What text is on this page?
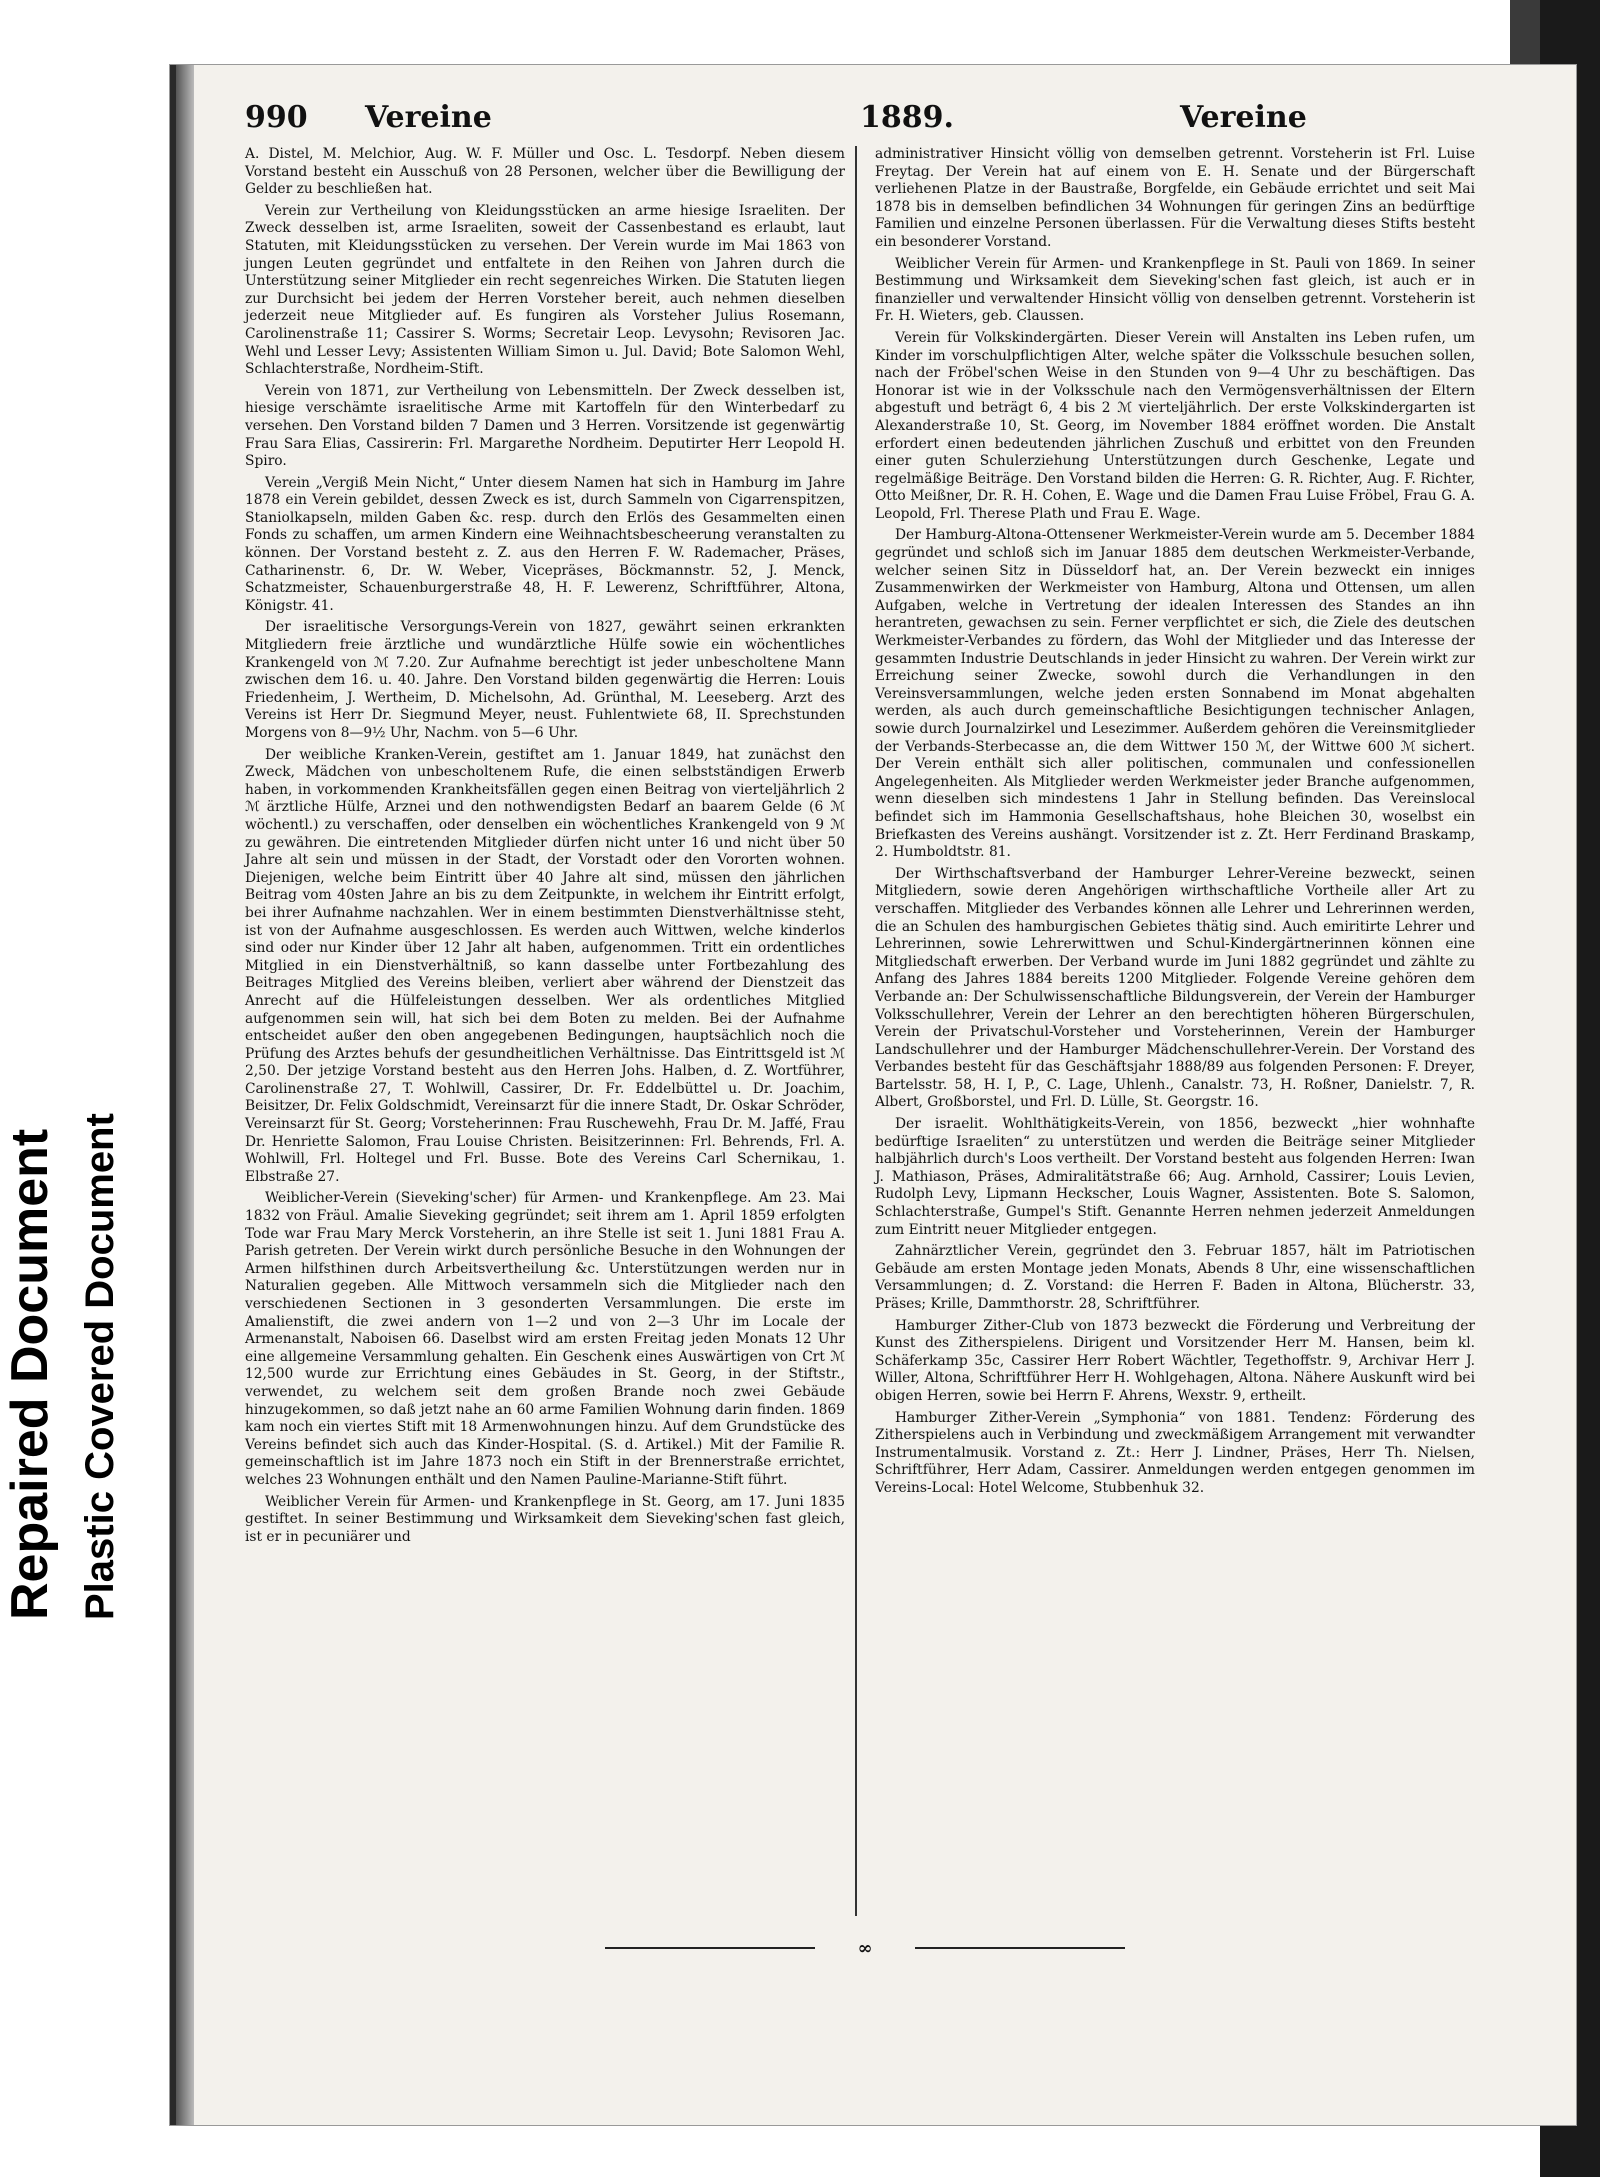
Repaired Document Plastic Covered Document
990 Vereine	1889.	Vereine

A. Distel, M. Melchior, Aug. W. F. Müller und Osc. L. Tesdorpf. Neben diesem Vorstand besteht ein Ausschuß von 28 Personen, welcher über die Bewilligung der Gelder zu beschließen hat.

Verein zur Vertheilung von Kleidungsstücken an arme hiesige Israeliten. Der Zweck desselben ist, arme Israeliten, soweit der Cassenbestand es erlaubt, laut Statuten, mit Kleidungsstücken zu versehen. Der Verein wurde im Mai 1863 von jungen Leuten gegründet und entfaltete in den Reihen von Jahren durch die Unterstützung seiner Mitglieder ein recht segenreiches Wirken. Die Statuten liegen zur Durchsicht bei jedem der Herren Vorsteher bereit, auch nehmen dieselben jederzeit neue Mitglieder auf. Es fungiren als Vorsteher Julius Rosemann, Carolinenstraße 11; Cassirer S. Worms; Secretair Leop. Levysohn; Revisoren Jac. Wehl und Lesser Levy; Assistenten William Simon u. Jul. David; Bote Salomon Wehl, Schlachterstraße, Nordheim-Stift.

Verein von 1871, zur Vertheilung von Lebensmitteln. Der Zweck desselben ist, hiesige verschämte israelitische Arme mit Kartoffeln für den Winterbedarf zu versehen. Den Vorstand bilden 7 Damen und 3 Herren. Vorsitzende ist gegenwärtig Frau Sara Elias, Cassirerin: Frl. Margarethe Nordheim. Deputirter Herr Leopold H. Spiro.

Verein „Vergiß Mein Nicht,“ Unter diesem Namen hat sich in Hamburg im Jahre 1878 ein Verein gebildet, dessen Zweck es ist, durch Sammeln von Cigarrenspitzen, Staniolkapseln, milden Gaben &c. resp. durch den Erlös des Gesammelten einen Fonds zu schaffen, um armen Kindern eine Weihnachtsbescheerung veranstalten zu können. Der Vorstand besteht z. Z. aus den Herren F. W. Rademacher, Präses, Catharinenstr. 6, Dr. W. Weber, Vicepräses, Böckmannstr. 52, J. Menck, Schatzmeister, Schauenburgerstraße 48, H. F. Lewerenz, Schriftführer, Altona, Königstr. 41.

Der israelitische Versorgungs-Verein von 1827, gewährt seinen erkrankten Mitgliedern freie ärztliche und wundärztliche Hülfe sowie ein wöchentliches Krankengeld von ℳ 7.20. Zur Aufnahme berechtigt ist jeder unbescholtene Mann zwischen dem 16. u. 40. Jahre. Den Vorstand bilden gegenwärtig die Herren: Louis Friedenheim, J. Wertheim, D. Michelsohn, Ad. Grünthal, M. Leeseberg. Arzt des Vereins ist Herr Dr. Siegmund Meyer, neust. Fuhlentwiete 68, II. Sprechstunden Morgens von 8—9½ Uhr, Nachm. von 5—6 Uhr.

Der weibliche Kranken-Verein, gestiftet am 1. Januar 1849, hat zunächst den Zweck, Mädchen von unbescholtenem Rufe, die einen selbstständigen Erwerb haben, in vorkommenden Krankheitsfällen gegen einen Beitrag von vierteljährlich 2 ℳ ärztliche Hülfe, Arznei und den nothwendigsten Bedarf an baarem Gelde (6 ℳ wöchentl.) zu verschaffen, oder denselben ein wöchentliches Krankengeld von 9 ℳ zu gewähren. Die eintretenden Mitglieder dürfen nicht unter 16 und nicht über 50 Jahre alt sein und müssen in der Stadt, der Vorstadt oder den Vororten wohnen. Diejenigen, welche beim Eintritt über 40 Jahre alt sind, müssen den jährlichen Beitrag vom 40sten Jahre an bis zu dem Zeitpunkte, in welchem ihr Eintritt erfolgt, bei ihrer Aufnahme nachzahlen. Wer in einem bestimmten Dienstverhältnisse steht, ist von der Aufnahme ausgeschlossen. Es werden auch Wittwen, welche kinderlos sind oder nur Kinder über 12 Jahr alt haben, aufgenommen. Tritt ein ordentliches Mitglied in ein Dienstverhältniß, so kann dasselbe unter Fortbezahlung des Beitrages Mitglied des Vereins bleiben, verliert aber während der Dienstzeit das Anrecht auf die Hülfeleistungen desselben. Wer als ordentliches Mitglied aufgenommen sein will, hat sich bei dem Boten zu melden. Bei der Aufnahme entscheidet außer den oben angegebenen Bedingungen, hauptsächlich noch die Prüfung des Arztes behufs der gesundheitlichen Verhältnisse. Das Eintrittsgeld ist ℳ 2,50. Der jetzige Vorstand besteht aus den Herren Johs. Halben, d. Z. Wortführer, Carolinenstraße 27, T. Wohlwill, Cassirer, Dr. Fr. Eddelbüttel u. Dr. Joachim, Beisitzer, Dr. Felix Goldschmidt, Vereinsarzt für die innere Stadt, Dr. Oskar Schröder, Vereinsarzt für St. Georg; Vorsteherinnen: Frau Ruschewehh, Frau Dr. M. Jaffé, Frau Dr. Henriette Salomon, Frau Louise Christen. Beisitzerinnen: Frl. Behrends, Frl. A. Wohlwill, Frl. Holtegel und Frl. Busse. Bote des Vereins Carl Schernikau, 1. Elbstraße 27.

Weiblicher-Verein (Sieveking'scher) für Armen- und Krankenpflege. Am 23. Mai 1832 von Fräul. Amalie Sieveking gegründet; seit ihrem am 1. April 1859 erfolgten Tode war Frau Mary Merck Vorsteherin, an ihre Stelle ist seit 1. Juni 1881 Frau A. Parish getreten. Der Verein wirkt durch persönliche Besuche in den Wohnungen der Armen hilfsthinen durch Arbeitsvertheilung &c. Unterstützungen werden nur in Naturalien gegeben. Alle Mittwoch versammeln sich die Mitglieder nach den verschiedenen Sectionen in 3 gesonderten Versammlungen. Die erste im Amalienstift, die zwei andern von 1—2 und von 2—3 Uhr im Locale der Armenanstalt, Naboisen 66. Daselbst wird am ersten Freitag jeden Monats 12 Uhr eine allgemeine Versammlung gehalten. Ein Geschenk eines Auswärtigen von Crt ℳ 12,500 wurde zur Errichtung eines Gebäudes in St. Georg, in der Stiftstr., verwendet, zu welchem seit dem großen Brande noch zwei Gebäude hinzugekommen, so daß jetzt nahe an 60 arme Familien Wohnung darin finden. 1869 kam noch ein viertes Stift mit 18 Armenwohnungen hinzu. Auf dem Grundstücke des Vereins befindet sich auch das Kinder-Hospital. (S. d. Artikel.) Mit der Familie R. gemeinschaftlich ist im Jahre 1873 noch ein Stift in der Brennerstraße errichtet, welches 23 Wohnungen enthält und den Namen Pauline-Marianne-Stift führt.

Weiblicher Verein für Armen- und Krankenpflege in St. Georg, am 17. Juni 1835 gestiftet. In seiner Bestimmung und Wirksamkeit dem Sieveking'schen fast gleich, ist er in pecuniärer und

administrativer Hinsicht völlig von demselben getrennt. Vorsteherin ist Frl. Luise Freytag. Der Verein hat auf einem von E. H. Senate und der Bürgerschaft verliehenen Platze in der Baustraße, Borgfelde, ein Gebäude errichtet und seit Mai 1878 bis in demselben befindlichen 34 Wohnungen für geringen Zins an bedürftige Familien und einzelne Personen überlassen. Für die Verwaltung dieses Stifts besteht ein besonderer Vorstand.

Weiblicher Verein für Armen- und Krankenpflege in St. Pauli von 1869. In seiner Bestimmung und Wirksamkeit dem Sieveking'schen fast gleich, ist auch er in finanzieller und verwaltender Hinsicht völlig von denselben getrennt. Vorsteherin ist Fr. H. Wieters, geb. Claussen.

Verein für Volkskindergärten. Dieser Verein will Anstalten ins Leben rufen, um Kinder im vorschulpflichtigen Alter, welche später die Volksschule besuchen sollen, nach der Fröbel'schen Weise in den Stunden von 9—4 Uhr zu beschäftigen. Das Honorar ist wie in der Volksschule nach den Vermögensverhältnissen der Eltern abgestuft und beträgt 6, 4 bis 2 ℳ vierteljährlich. Der erste Volkskindergarten ist Alexanderstraße 10, St. Georg, im November 1884 eröffnet worden. Die Anstalt erfordert einen bedeutenden jährlichen Zuschuß und erbittet von den Freunden einer guten Schulerziehung Unterstützungen durch Geschenke, Legate und regelmäßige Beiträge. Den Vorstand bilden die Herren: G. R. Richter, Aug. F. Richter, Otto Meißner, Dr. R. H. Cohen, E. Wage und die Damen Frau Luise Fröbel, Frau G. A. Leopold, Frl. Therese Plath und Frau E. Wage.

Der Hamburg-Altona-Ottensener Werkmeister-Verein wurde am 5. December 1884 gegründet und schloß sich im Januar 1885 dem deutschen Werkmeister-Verbande, welcher seinen Sitz in Düsseldorf hat, an. Der Verein bezweckt ein inniges Zusammenwirken der Werkmeister von Hamburg, Altona und Ottensen, um allen Aufgaben, welche in Vertretung der idealen Interessen des Standes an ihn herantreten, gewachsen zu sein. Ferner verpflichtet er sich, die Ziele des deutschen Werkmeister-Verbandes zu fördern, das Wohl der Mitglieder und das Interesse der gesammten Industrie Deutschlands in jeder Hinsicht zu wahren. Der Verein wirkt zur Erreichung seiner Zwecke, sowohl durch die Verhandlungen in den Vereinsversammlungen, welche jeden ersten Sonnabend im Monat abgehalten werden, als auch durch gemeinschaftliche Besichtigungen technischer Anlagen, sowie durch Journalzirkel und Lesezimmer. Außerdem gehören die Vereinsmitglieder der Verbands-Sterbecasse an, die dem Wittwer 150 ℳ, der Wittwe 600 ℳ sichert. Der Verein enthält sich aller politischen, communalen und confessionellen Angelegenheiten. Als Mitglieder werden Werkmeister jeder Branche aufgenommen, wenn dieselben sich mindestens 1 Jahr in Stellung befinden. Das Vereinslocal befindet sich im Hammonia Gesellschaftshaus, hohe Bleichen 30, woselbst ein Briefkasten des Vereins aushängt. Vorsitzender ist z. Zt. Herr Ferdinand Braskamp, 2. Humboldtstr. 81.

Der Wirthschaftsverband der Hamburger Lehrer-Vereine bezweckt, seinen Mitgliedern, sowie deren Angehörigen wirthschaftliche Vortheile aller Art zu verschaffen. Mitglieder des Verbandes können alle Lehrer und Lehrerinnen werden, die an Schulen des hamburgischen Gebietes thätig sind. Auch emiritirte Lehrer und Lehrerinnen, sowie Lehrerwittwen und Schul-Kindergärtnerinnen können eine Mitgliedschaft erwerben. Der Verband wurde im Juni 1882 gegründet und zählte zu Anfang des Jahres 1884 bereits 1200 Mitglieder. Folgende Vereine gehören dem Verbande an: Der Schulwissenschaftliche Bildungsverein, der Verein der Hamburger Volksschullehrer, Verein der Lehrer an den berechtigten höheren Bürgerschulen, Verein der Privatschul-Vorsteher und Vorsteherinnen, Verein der Hamburger Landschullehrer und der Hamburger Mädchenschullehrer-Verein. Der Vorstand des Verbandes besteht für das Geschäftsjahr 1888/89 aus folgenden Personen: F. Dreyer, Bartelsstr. 58, H. I, P., C. Lage, Uhlenh., Canalstr. 73, H. Roßner, Danielstr. 7, R. Albert, Großborstel, und Frl. D. Lülle, St. Georgstr. 16.

Der israelit. Wohlthätigkeits-Verein, von 1856, bezweckt „hier wohnhafte bedürftige Israeliten“ zu unterstützen und werden die Beiträge seiner Mitglieder halbjährlich durch's Loos vertheilt. Der Vorstand besteht aus folgenden Herren: Iwan J. Mathiason, Präses, Admiralitätstraße 66; Aug. Arnhold, Cassirer; Louis Levien, Rudolph Levy, Lipmann Heckscher, Louis Wagner, Assistenten. Bote S. Salomon, Schlachterstraße, Gumpel's Stift. Genannte Herren nehmen jederzeit Anmeldungen zum Eintritt neuer Mitglieder entgegen.

Zahnärztlicher Verein, gegründet den 3. Februar 1857, hält im Patriotischen Gebäude am ersten Montage jeden Monats, Abends 8 Uhr, eine wissenschaftlichen Versammlungen; d. Z. Vorstand: die Herren F. Baden in Altona, Blücherstr. 33, Präses; Krille, Dammthorstr. 28, Schriftführer.

Hamburger Zither-Club von 1873 bezweckt die Förderung und Verbreitung der Kunst des Zitherspielens. Dirigent und Vorsitzender Herr M. Hansen, beim kl. Schäferkamp 35c, Cassirer Herr Robert Wächtler, Tegethoffstr. 9, Archivar Herr J. Willer, Altona, Schriftführer Herr H. Wohlgehagen, Altona. Nähere Auskunft wird bei obigen Herren, sowie bei Herrn F. Ahrens, Wexstr. 9, ertheilt.

Hamburger Zither-Verein „Symphonia“ von 1881. Tendenz: Förderung des Zitherspielens auch in Verbindung und zweckmäßigem Arrangement mit verwandter Instrumentalmusik. Vorstand z. Zt.: Herr J. Lindner, Präses, Herr Th. Nielsen, Schriftführer, Herr Adam, Cassirer. Anmeldungen werden entgegen genommen im Vereins-Local: Hotel Welcome, Stubbenhuk 32.

∞
